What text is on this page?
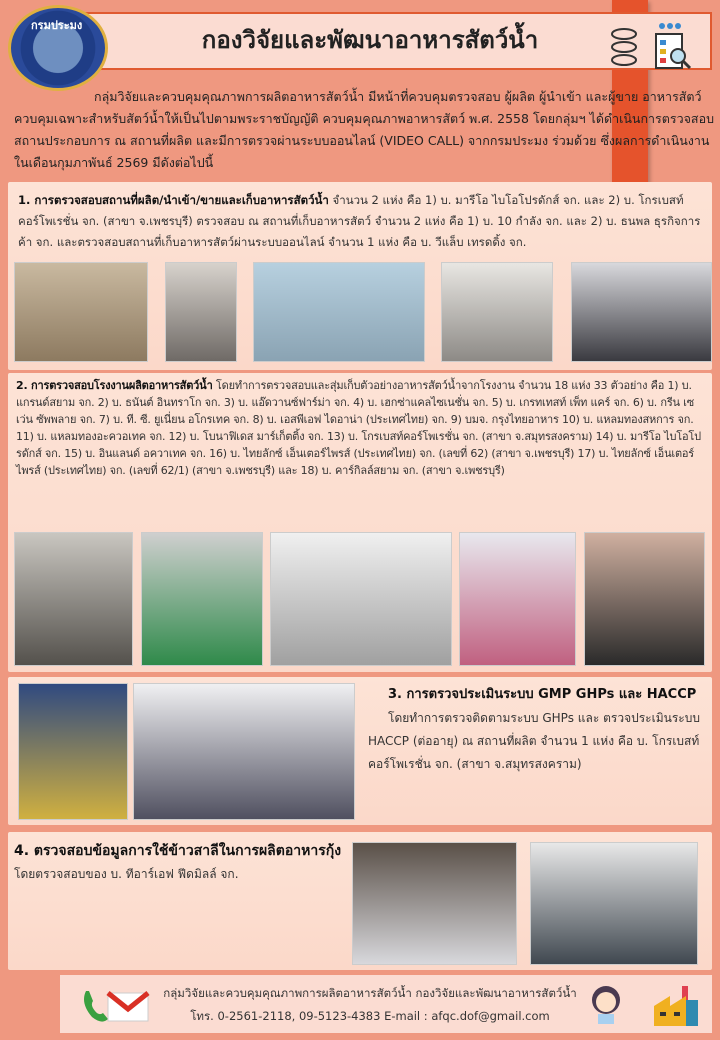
กองวิจัยและพัฒนาอาหารสัตว์น้ำ
กรมประมง
กลุ่มวิจัยและควบคุมคุณภาพการผลิตอาหารสัตว์น้ำ มีหน้าที่ควบคุมตรวจสอบ ผู้ผลิต ผู้นำเข้า และผู้ขาย อาหารสัตว์ควบคุมเฉพาะสำหรับสัตว์น้ำให้เป็นไปตามพระราชบัญญัติ ควบคุมคุณภาพอาหารสัตว์ พ.ศ. 2558 โดยกลุ่มฯ ได้ดำเนินการตรวจสอบสถานประกอบการ ณ สถานที่ผลิต และมีการตรวจผ่านระบบออนไลน์ (VIDEO CALL) จากกรมประมง ร่วมด้วย ซึ่งผลการดำเนินงานในเดือนกุมภาพันธ์ 2569 มีดังต่อไปนี้
1. การตรวจสอบสถานที่ผลิต/นำเข้า/ขายและเก็บอาหารสัตว์น้ำ จำนวน 2 แห่ง คือ 1) บ. มารีโอ ไบโอโปรดักส์ จก. และ 2) บ. โกรเบสท์ คอร์โพเรชั่น จก. (สาขา จ.เพชรบุรี) ตรวจสอบ ณ สถานที่เก็บอาหารสัตว์ จำนวน 2 แห่ง คือ 1) บ. 10 กำลัง จก. และ 2) บ. ธนพล ธุรกิจการค้า จก. และตรวจสอบสถานที่เก็บอาหารสัตว์ผ่านระบบออนไลน์ จำนวน 1 แห่ง คือ บ. วีแล็บ เทรดดิ้ง จก.
2. การตรวจสอบโรงงานผลิตอาหารสัตว์น้ำ โดยทำการตรวจสอบและสุ่มเก็บตัวอย่างอาหารสัตว์น้ำจากโรงงาน จำนวน 18 แห่ง 33 ตัวอย่าง คือ 1) บ. แกรนด์สยาม จก. 2) บ. ธนันต์ อินทราโก จก. 3) บ. แอ๊ดวานซ์ฟาร์ม่า จก. 4) บ. เฮกซ่าแคลไซเนชั่น จก. 5) บ. เกรทเทสท์ เพ็ท แคร์ จก. 6) บ. กรีน เซเว่น ซัพพลาย จก. 7) บ. ที. ซี. ยูเนี่ยน อโกรเทค จก. 8) บ. เอสพีเอฟ ไดอาน่า (ประเทศไทย) จก. 9) บมจ. กรุงไทยอาหาร 10) บ. แหลมทองสหการ จก. 11) บ. แหลมทองอะควอเทค จก. 12) บ. โบนาฟิเดส มาร์เก็ตติ้ง จก. 13) บ. โกรเบสท์คอร์โพเรชั่น จก. (สาขา จ.สมุทรสงคราม) 14) บ. มารีโอ ไบโอโปรดักส์ จก. 15) บ. อินแลนด์ อควาเทค จก. 16) บ. ไทยลักซ์ เอ็นเตอร์ไพรส์ (ประเทศไทย) จก. (เลขที่ 62) (สาขา จ.เพชรบุรี) 17) บ. ไทยลักซ์ เอ็นเตอร์ไพรส์ (ประเทศไทย) จก. (เลขที่ 62/1) (สาขา จ.เพชรบุรี) และ 18) บ. คาร์กิลล์สยาม จก. (สาขา จ.เพชรบุรี)
3. การตรวจประเมินระบบ GMP GHPs และ HACCP
โดยทำการตรวจติดตามระบบ GHPs และ ตรวจประเมินระบบ HACCP (ต่ออายุ) ณ สถานที่ผลิต จำนวน 1 แห่ง คือ บ. โกรเบสท์คอร์โพเรชั่น จก. (สาขา จ.สมุทรสงคราม)
4. ตรวจสอบข้อมูลการใช้ข้าวสาลีในการผลิตอาหารกุ้ง
โดยตรวจสอบของ บ. ทีอาร์เอฟ ฟีดมิลล์ จก.
กลุ่มวิจัยและควบคุมคุณภาพการผลิตอาหารสัตว์น้ำ กองวิจัยและพัฒนาอาหารสัตว์น้ำ
โทร. 0-2561-2118, 09-5123-4383 E-mail : afqc.dof@gmail.com
